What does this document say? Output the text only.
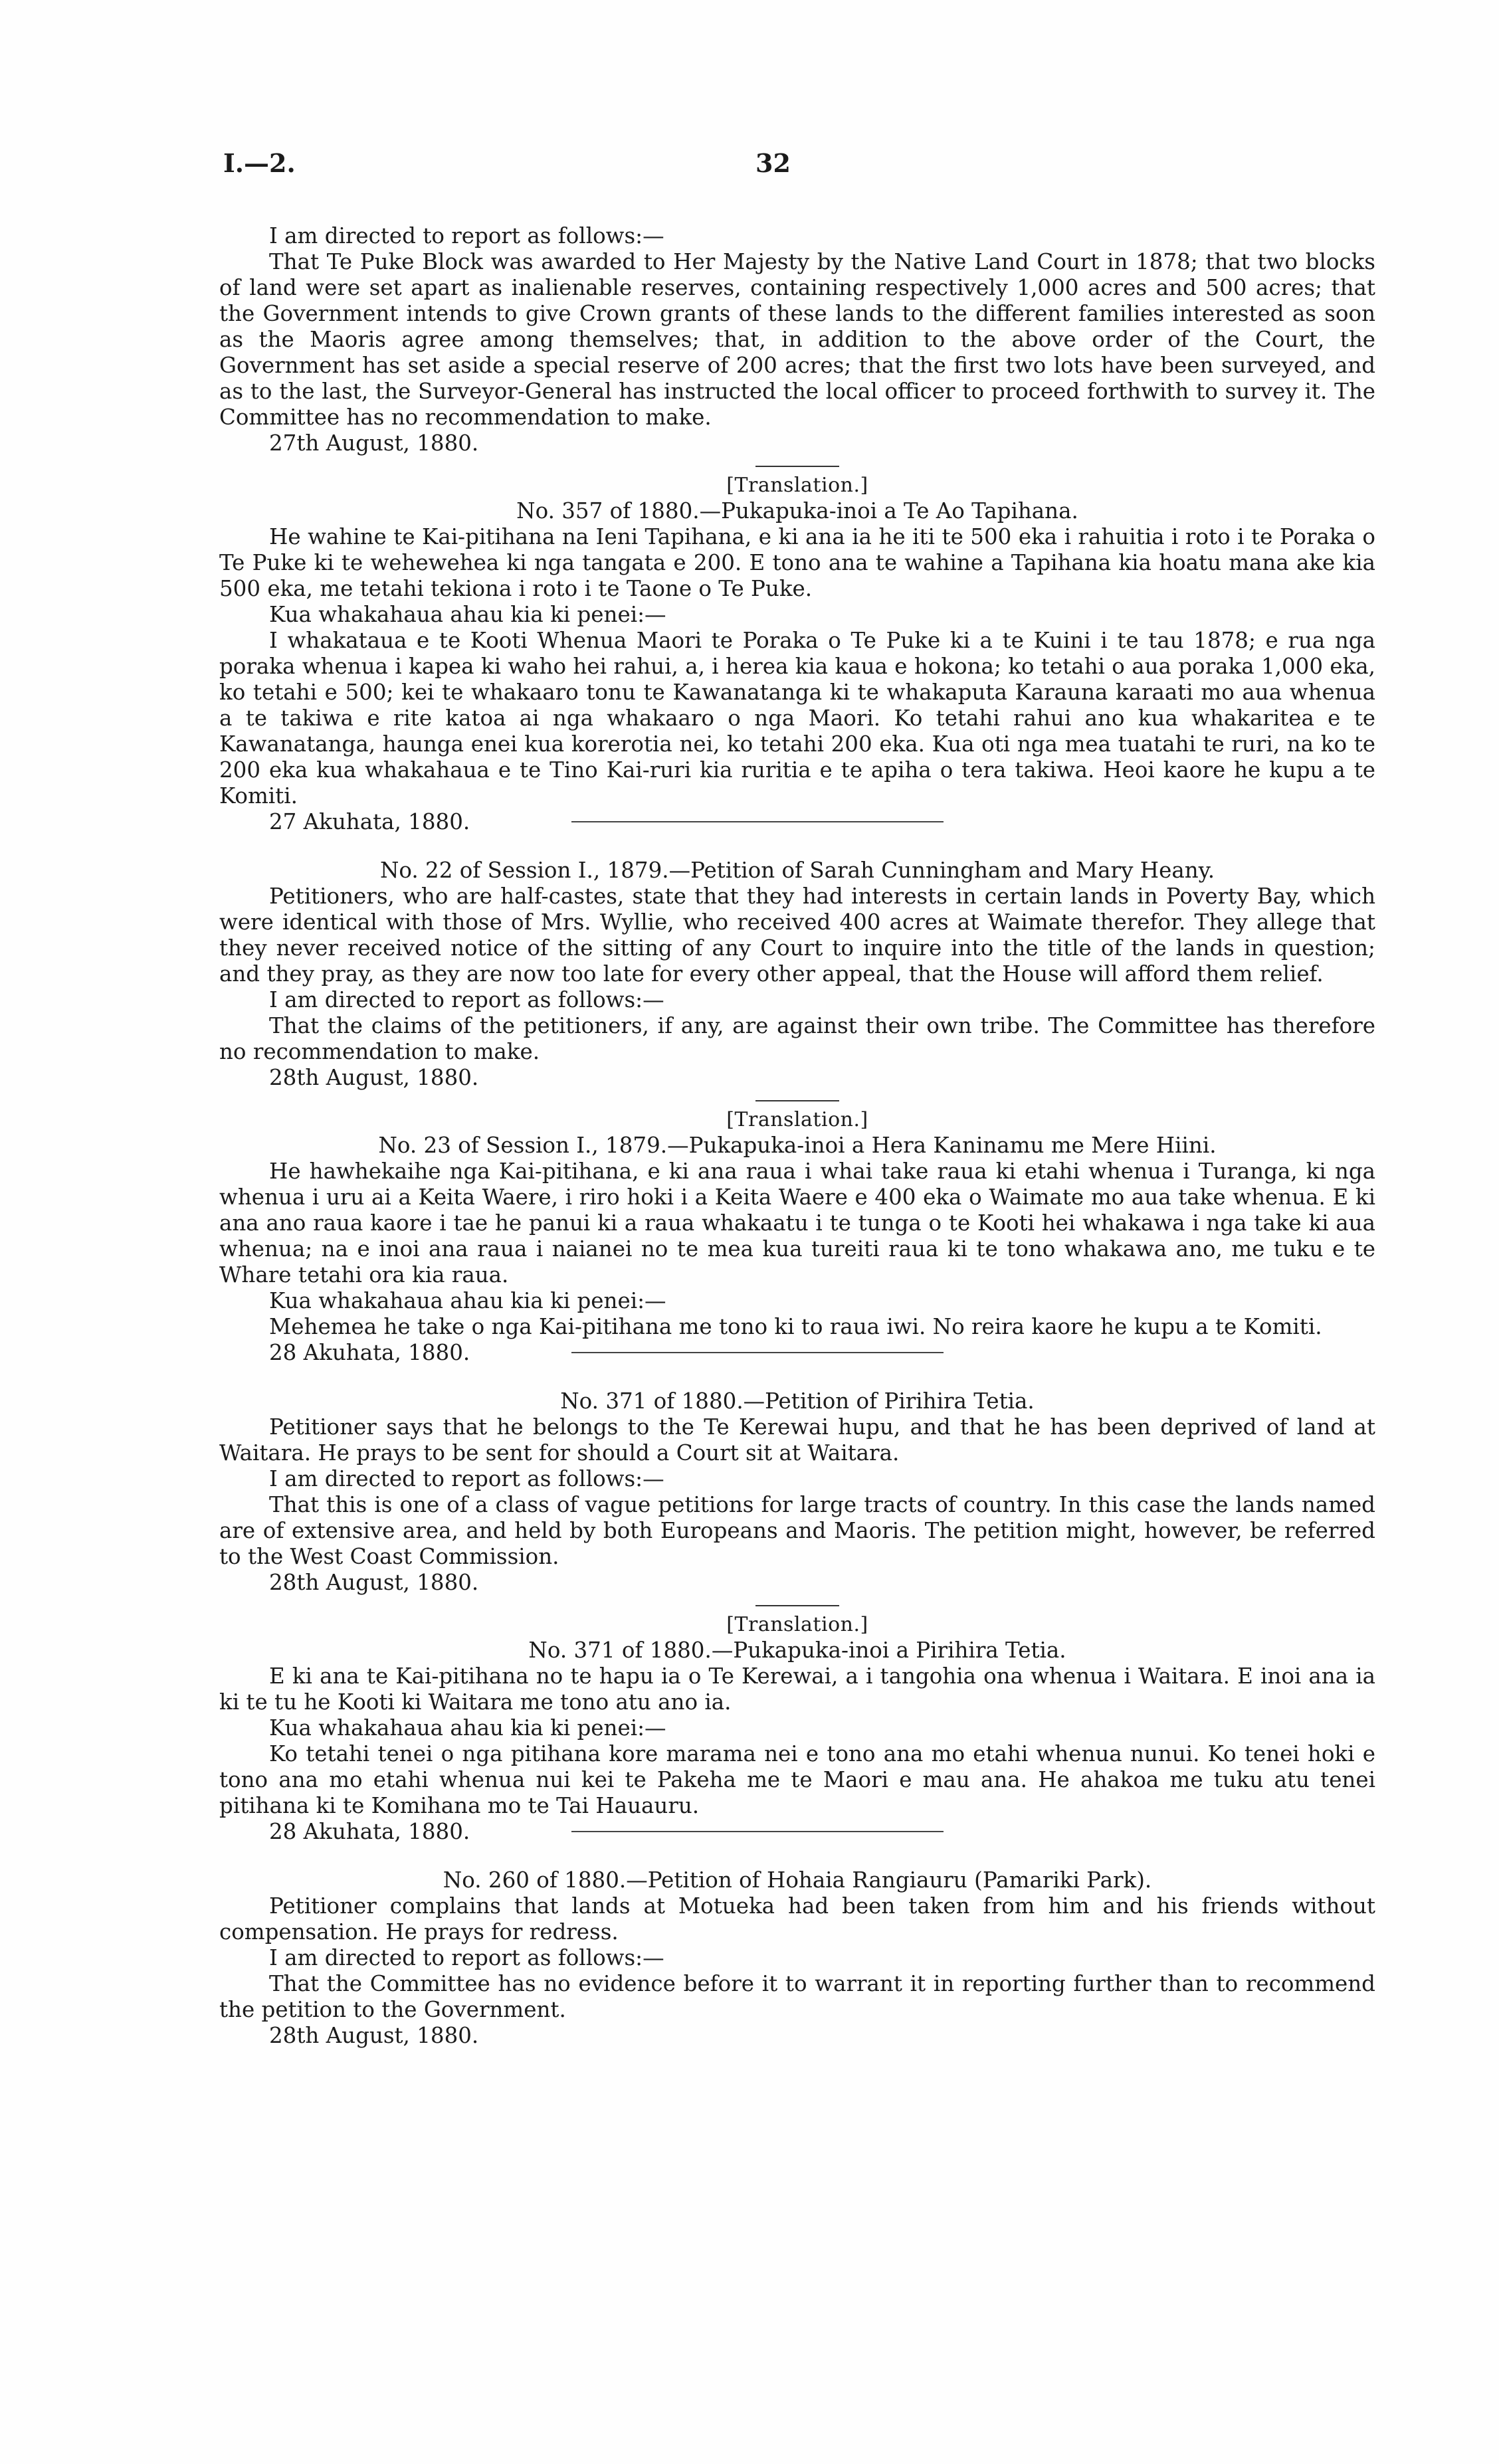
I.—2.	32

I am directed to report as follows:—

That Te Puke Block was awarded to Her Majesty by the Native Land Court in 1878; that two blocks of land were set apart as inalienable reserves, containing respectively 1,000 acres and 500 acres; that the Government intends to give Crown grants of these lands to the different families interested as soon as the Maoris agree among themselves; that, in addition to the above order of the Court, the Government has set aside a special reserve of 200 acres; that the first two lots have been surveyed, and as to the last, the Surveyor-General has instructed the local officer to proceed forthwith to survey it. The Committee has no recommendation to make.

27th August, 1880.

[Translation.]

No. 357 of 1880.—Pukapuka-inoi a Te Ao Tapihana.

He wahine te Kai-pitihana na Ieni Tapihana, e ki ana ia he iti te 500 eka i rahuitia i roto i te Poraka o Te Puke ki te wehewehea ki nga tangata e 200. E tono ana te wahine a Tapihana kia hoatu mana ake kia 500 eka, me tetahi tekiona i roto i te Taone o Te Puke.

Kua whakahaua ahau kia ki penei:—

I whakataua e te Kooti Whenua Maori te Poraka o Te Puke ki a te Kuini i te tau 1878; e rua nga poraka whenua i kapea ki waho hei rahui, a, i herea kia kaua e hokona; ko tetahi o aua poraka 1,000 eka, ko tetahi e 500; kei te whakaaro tonu te Kawanatanga ki te whakaputa Karauna karaati mo aua whenua a te takiwa e rite katoa ai nga whakaaro o nga Maori. Ko tetahi rahui ano kua whakaritea e te Kawanatanga, haunga enei kua korerotia nei, ko tetahi 200 eka. Kua oti nga mea tuatahi te ruri, na ko te 200 eka kua whakahaua e te Tino Kai-ruri kia ruritia e te apiha o tera takiwa. Heoi kaore he kupu a te Komiti.

27 Akuhata, 1880.

No. 22 of Session I., 1879.—Petition of Sarah Cunningham and Mary Heany.

Petitioners, who are half-castes, state that they had interests in certain lands in Poverty Bay, which were identical with those of Mrs. Wyllie, who received 400 acres at Waimate therefor. They allege that they never received notice of the sitting of any Court to inquire into the title of the lands in question; and they pray, as they are now too late for every other appeal, that the House will afford them relief.

I am directed to report as follows:—

That the claims of the petitioners, if any, are against their own tribe. The Committee has therefore no recommendation to make.

28th August, 1880.

[Translation.]

No. 23 of Session I., 1879.—Pukapuka-inoi a Hera Kaninamu me Mere Hiini.

He hawhekaihe nga Kai-pitihana, e ki ana raua i whai take raua ki etahi whenua i Turanga, ki nga whenua i uru ai a Keita Waere, i riro hoki i a Keita Waere e 400 eka o Waimate mo aua take whenua. E ki ana ano raua kaore i tae he panui ki a raua whakaatu i te tunga o te Kooti hei whakawa i nga take ki aua whenua; na e inoi ana raua i naianei no te mea kua tureiti raua ki te tono whakawa ano, me tuku e te Whare tetahi ora kia raua.

Kua whakahaua ahau kia ki penei:—

Mehemea he take o nga Kai-pitihana me tono ki to raua iwi. No reira kaore he kupu a te Komiti.

28 Akuhata, 1880.

No. 371 of 1880.—Petition of Pirihira Tetia.

Petitioner says that he belongs to the Te Kerewai hupu, and that he has been deprived of land at Waitara. He prays to be sent for should a Court sit at Waitara.

I am directed to report as follows:—

That this is one of a class of vague petitions for large tracts of country. In this case the lands named are of extensive area, and held by both Europeans and Maoris. The petition might, however, be referred to the West Coast Commission.

28th August, 1880.

[Translation.]

No. 371 of 1880.—Pukapuka-inoi a Pirihira Tetia.

E ki ana te Kai-pitihana no te hapu ia o Te Kerewai, a i tangohia ona whenua i Waitara. E inoi ana ia ki te tu he Kooti ki Waitara me tono atu ano ia.

Kua whakahaua ahau kia ki penei:—

Ko tetahi tenei o nga pitihana kore marama nei e tono ana mo etahi whenua nunui. Ko tenei hoki e tono ana mo etahi whenua nui kei te Pakeha me te Maori e mau ana. He ahakoa me tuku atu tenei pitihana ki te Komihana mo te Tai Hauauru.

28 Akuhata, 1880.

No. 260 of 1880.—Petition of Hohaia Rangiauru (Pamariki Park).

Petitioner complains that lands at Motueka had been taken from him and his friends without compensation. He prays for redress.

I am directed to report as follows:—

That the Committee has no evidence before it to warrant it in reporting further than to recommend the petition to the Government.

28th August, 1880.
